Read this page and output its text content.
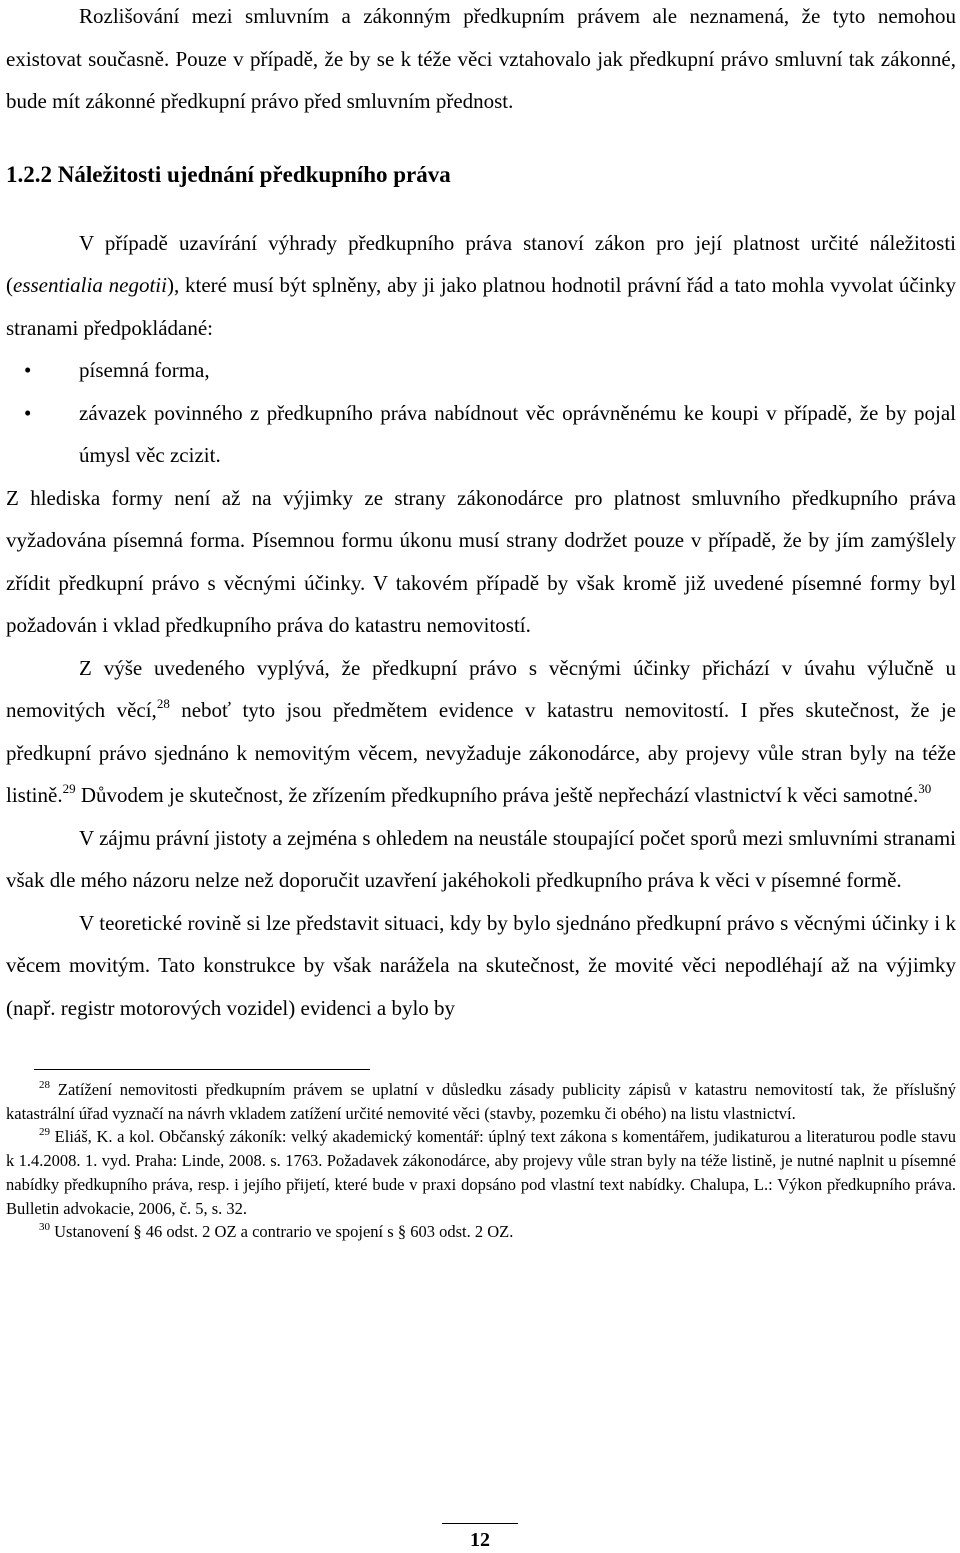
Rozlišování mezi smluvním a zákonným předkupním právem ale neznamená, že tyto nemohou existovat současně. Pouze v případě, že by se k téže věci vztahovalo jak předkupní právo smluvní tak zákonné, bude mít zákonné předkupní právo před smluvním přednost.

1.2.2 Náležitosti ujednání předkupního práva

V případě uzavírání výhrady předkupního práva stanoví zákon pro její platnost určité náležitosti (essentialia negotii), které musí být splněny, aby ji jako platnou hodnotil právní řád a tato mohla vyvolat účinky stranami předpokládané:

• písemná forma,
• závazek povinného z předkupního práva nabídnout věc oprávněnému ke koupi v případě, že by pojal úmysl věc zcizit.

Z hlediska formy není až na výjimky ze strany zákonodárce pro platnost smluvního předkupního práva vyžadována písemná forma. Písemnou formu úkonu musí strany dodržet pouze v případě, že by jím zamýšlely zřídit předkupní právo s věcnými účinky. V takovém případě by však kromě již uvedené písemné formy byl požadován i vklad předkupního práva do katastru nemovitostí.

Z výše uvedeného vyplývá, že předkupní právo s věcnými účinky přichází v úvahu výlučně u nemovitých věcí,$^{28}$ neboť tyto jsou předmětem evidence v katastru nemovitostí. I přes skutečnost, že je předkupní právo sjednáno k nemovitým věcem, nevyžaduje zákonodárce, aby projevy vůle stran byly na téže listině.$^{29}$ Důvodem je skutečnost, že zřízením předkupního práva ještě nepřechází vlastnictví k věci samotné.$^{30}$

V zájmu právní jistoty a zejména s ohledem na neustále stoupající počet sporů mezi smluvními stranami však dle mého názoru nelze než doporučit uzavření jakéhokoli předkupního práva k věci v písemné formě.

V teoretické rovině si lze představit situaci, kdy by bylo sjednáno předkupní právo s věcnými účinky i k věcem movitým. Tato konstrukce by však narážela na skutečnost, že movité věci nepodléhají až na výjimky (např. registr motorových vozidel) evidenci a bylo by

$^{28}$ Zatížení nemovitosti předkupním právem se uplatní v důsledku zásady publicity zápisů v katastru nemovitostí tak, že příslušný katastrální úřad vyznačí na návrh vkladem zatížení určité nemovité věci (stavby, pozemku či obého) na listu vlastnictví.

$^{29}$ Eliáš, K. a kol. Občanský zákoník: velký akademický komentář: úplný text zákona s komentářem, judikaturou a literaturou podle stavu k 1.4.2008. 1. vyd. Praha: Linde, 2008. s. 1763. Požadavek zákonodárce, aby projevy vůle stran byly na téže listině, je nutné naplnit u písemné nabídky předkupního práva, resp. i jejího přijetí, které bude v praxi dopsáno pod vlastní text nabídky. Chalupa, L.: Výkon předkupního práva. Bulletin advokacie, 2006, č. 5, s. 32.

$^{30}$ Ustanovení § 46 odst. 2 OZ a contrario ve spojení s § 603 odst. 2 OZ.

12
